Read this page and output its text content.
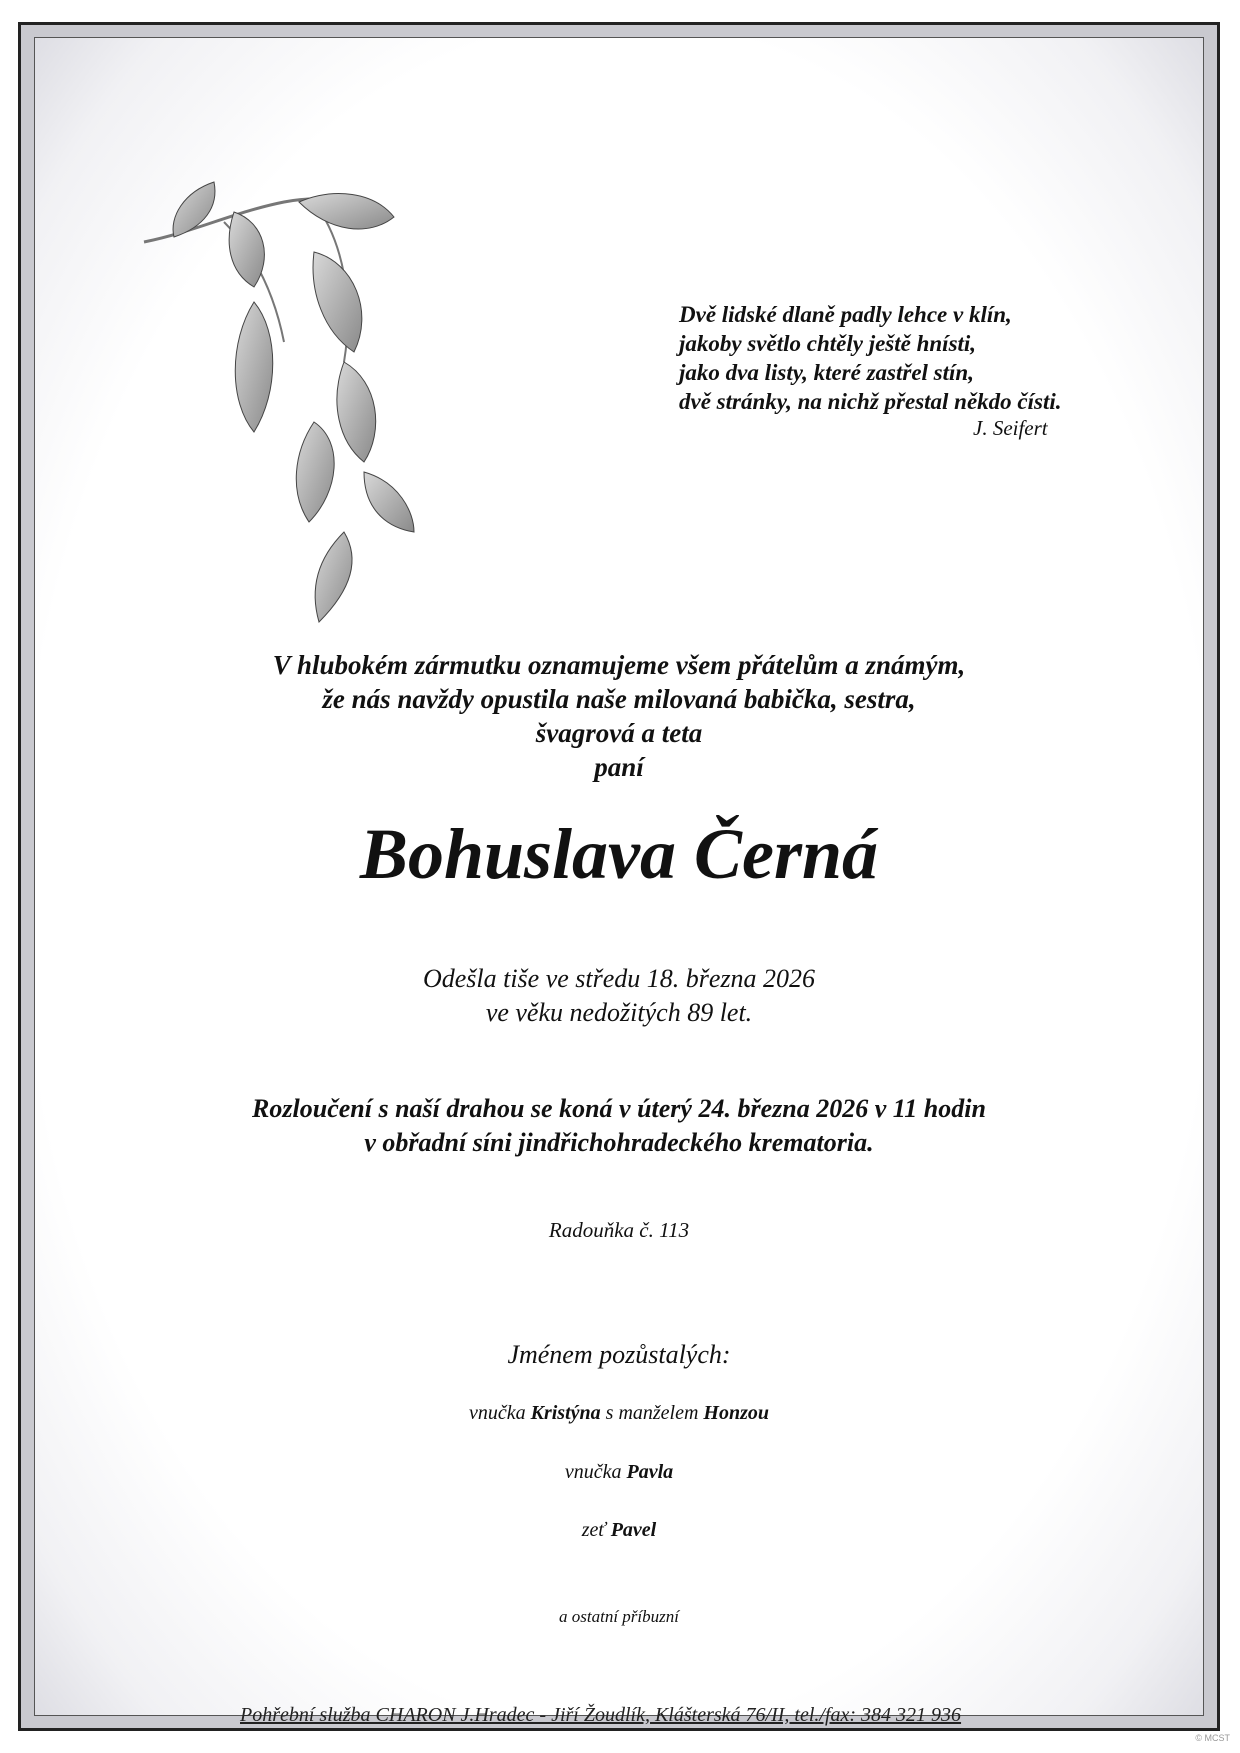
Dvě lidské dlaně padly lehce v klín,
jakoby světlo chtěly ještě hnísti,
jako dva listy, které zastřel stín,
dvě stránky, na nichž přestal někdo čísti.
J. Seifert
V hlubokém zármutku oznamujeme všem přátelům a známým,
že nás navždy opustila naše milovaná babička, sestra,
švagrová a teta
paní
Bohuslava Černá
Odešla tiše ve středu 18. března 2026
ve věku nedožitých 89 let.
Rozloučení s naší drahou se koná v úterý 24. března 2026 v 11 hodin
v obřadní síni jindřichohradeckého krematoria.
Radouňka č. 113
Jménem pozůstalých:
vnučka Kristýna s manželem Honzou
vnučka Pavla
zeť Pavel
a ostatní příbuzní
Pohřební služba CHARON J.Hradec - Jiří Žoudlík, Klášterská 76/II, tel./fax: 384 321 936
© MCST
